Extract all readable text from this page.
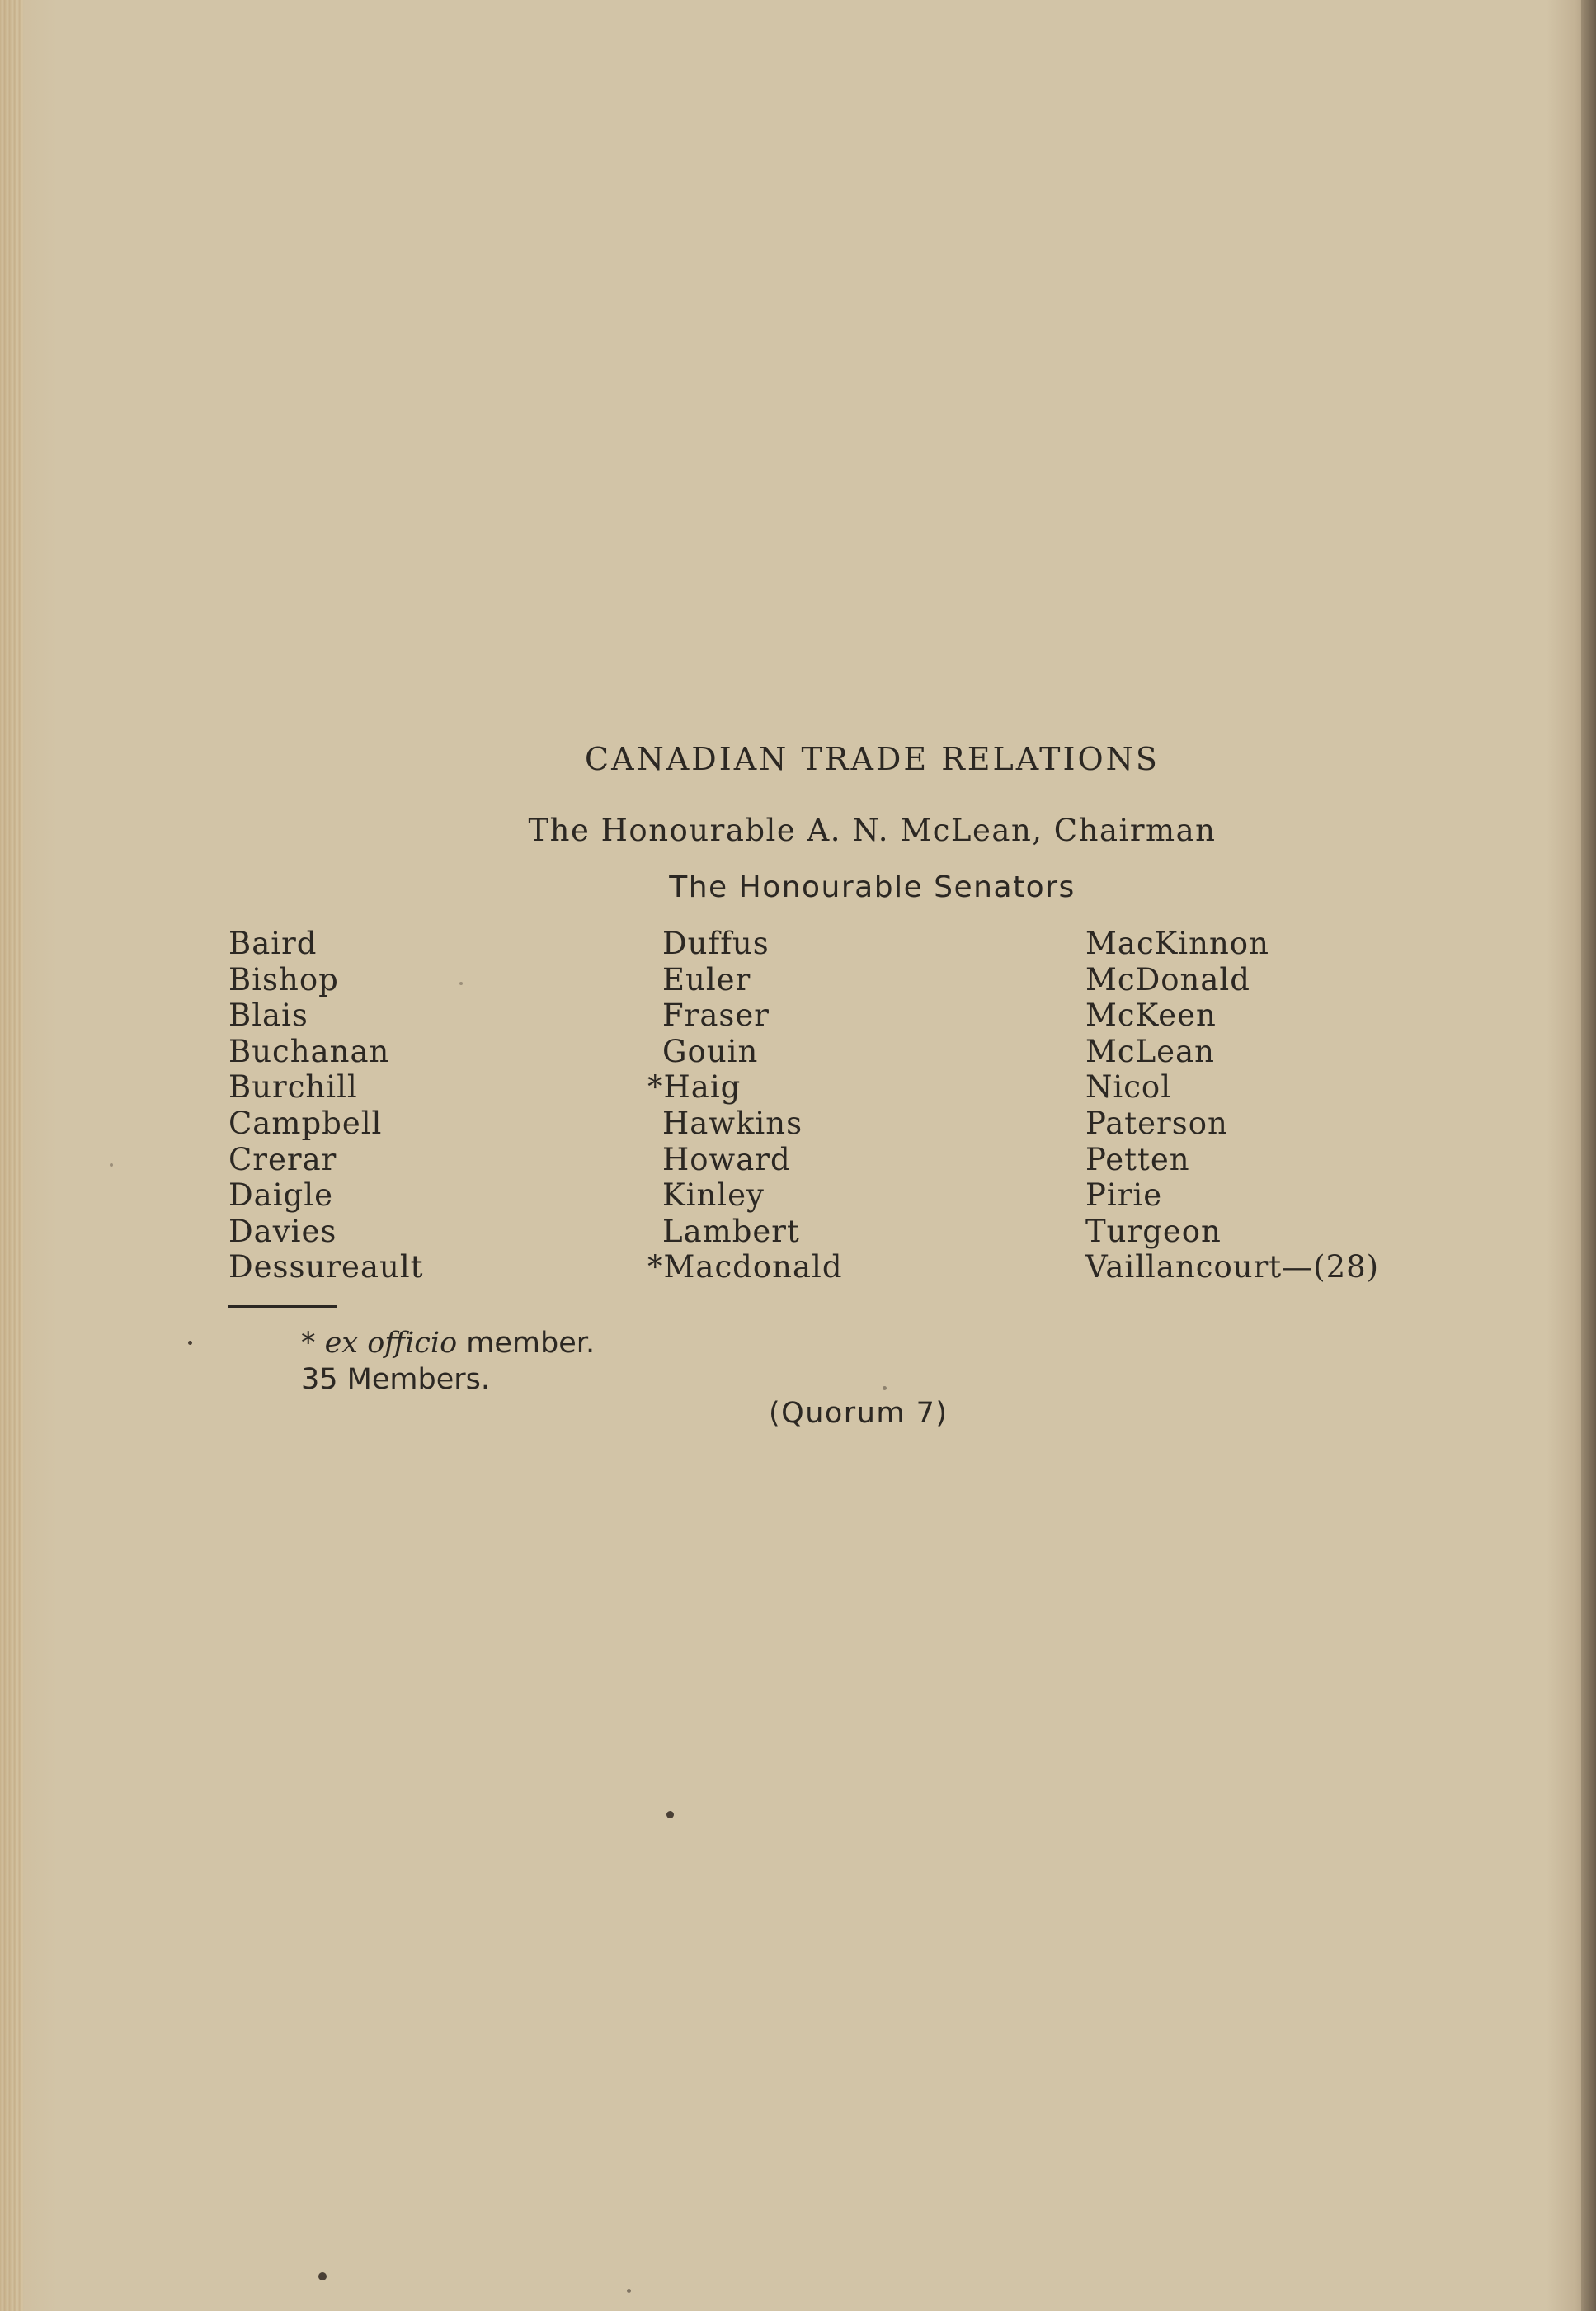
CANADIAN TRADE RELATIONS
The Honourable A. N. McLean, Chairman
The Honourable Senators
Baird
Bishop
Blais
Buchanan
Burchill
Campbell
Crerar
Daigle
Davies
Dessureault
Duffus
Euler
Fraser
Gouin
*Haig
Hawkins
Howard
Kinley
Lambert
*Macdonald
MacKinnon
McDonald
McKeen
McLean
Nicol
Paterson
Petten
Pirie
Turgeon
Vaillancourt—(28)
* ex officio member.
35 Members.
(Quorum 7)
